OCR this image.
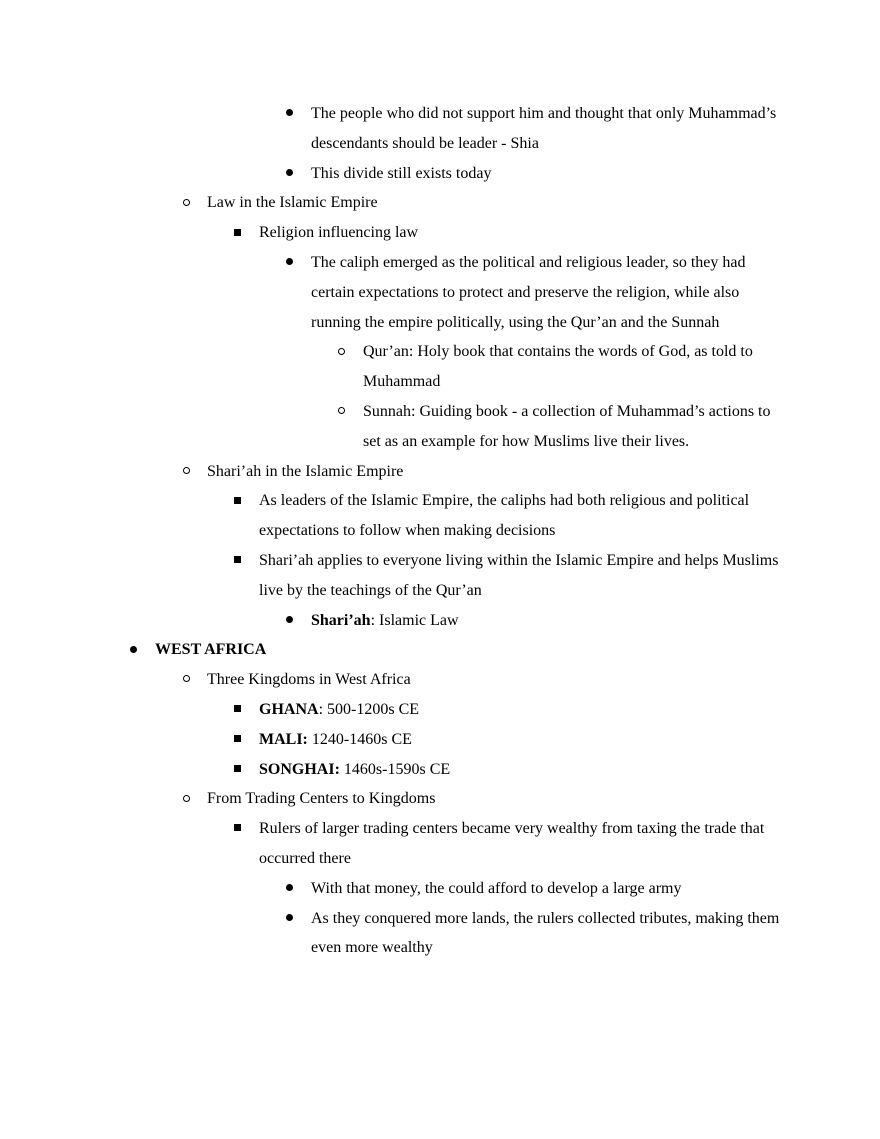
The people who did not support him and thought that only Muhammad’s descendants should be leader - Shia
This divide still exists today
Law in the Islamic Empire
Religion influencing law
The caliph emerged as the political and religious leader, so they had certain expectations to protect and preserve the religion, while also running the empire politically, using the Qur’an and the Sunnah
Qur’an: Holy book that contains the words of God, as told to Muhammad
Sunnah: Guiding book - a collection of Muhammad’s actions to set as an example for how Muslims live their lives.
Shari’ah in the Islamic Empire
As leaders of the Islamic Empire, the caliphs had both religious and political expectations to follow when making decisions
Shari’ah applies to everyone living within the Islamic Empire and helps Muslims live by the teachings of the Qur’an
Shari’ah: Islamic Law
WEST AFRICA
Three Kingdoms in West Africa
GHANA: 500-1200s CE
MALI: 1240-1460s CE
SONGHAI: 1460s-1590s CE
From Trading Centers to Kingdoms
Rulers of larger trading centers became very wealthy from taxing the trade that occurred there
With that money, the could afford to develop a large army
As they conquered more lands, the rulers collected tributes, making them even more wealthy
